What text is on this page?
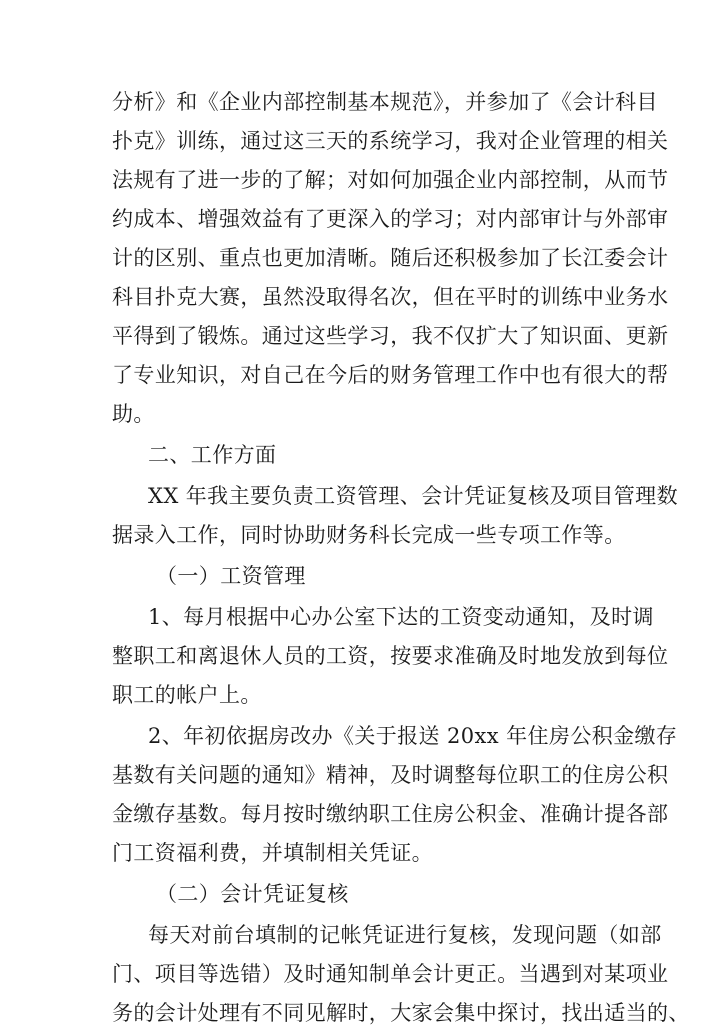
分析》和《企业内部控制基本规范》，并参加了《会计科目
扑克》训练，通过这三天的系统学习，我对企业管理的相关
法规有了进一步的了解；对如何加强企业内部控制，从而节
约成本、增强效益有了更深入的学习；对内部审计与外部审
计的区别、重点也更加清晰。随后还积极参加了长江委会计
科目扑克大赛，虽然没取得名次，但在平时的训练中业务水
平得到了锻炼。通过这些学习，我不仅扩大了知识面、更新
了专业知识，对自己在今后的财务管理工作中也有很大的帮
助。
二、工作方面
XX 年我主要负责工资管理、会计凭证复核及项目管理数
据录入工作，同时协助财务科长完成一些专项工作等。
（一）工资管理
1、每月根据中心办公室下达的工资变动通知，及时调
整职工和离退休人员的工资，按要求准确及时地发放到每位
职工的帐户上。
2、年初依据房改办《关于报送 20xx 年住房公积金缴存
基数有关问题的通知》精神，及时调整每位职工的住房公积
金缴存基数。每月按时缴纳职工住房公积金、准确计提各部
门工资福利费，并填制相关凭证。
（二）会计凭证复核
每天对前台填制的记帐凭证进行复核，发现问题（如部
门、项目等选错）及时通知制单会计更正。当遇到对某项业
务的会计处理有不同见解时，大家会集中探讨，找出适当的、
